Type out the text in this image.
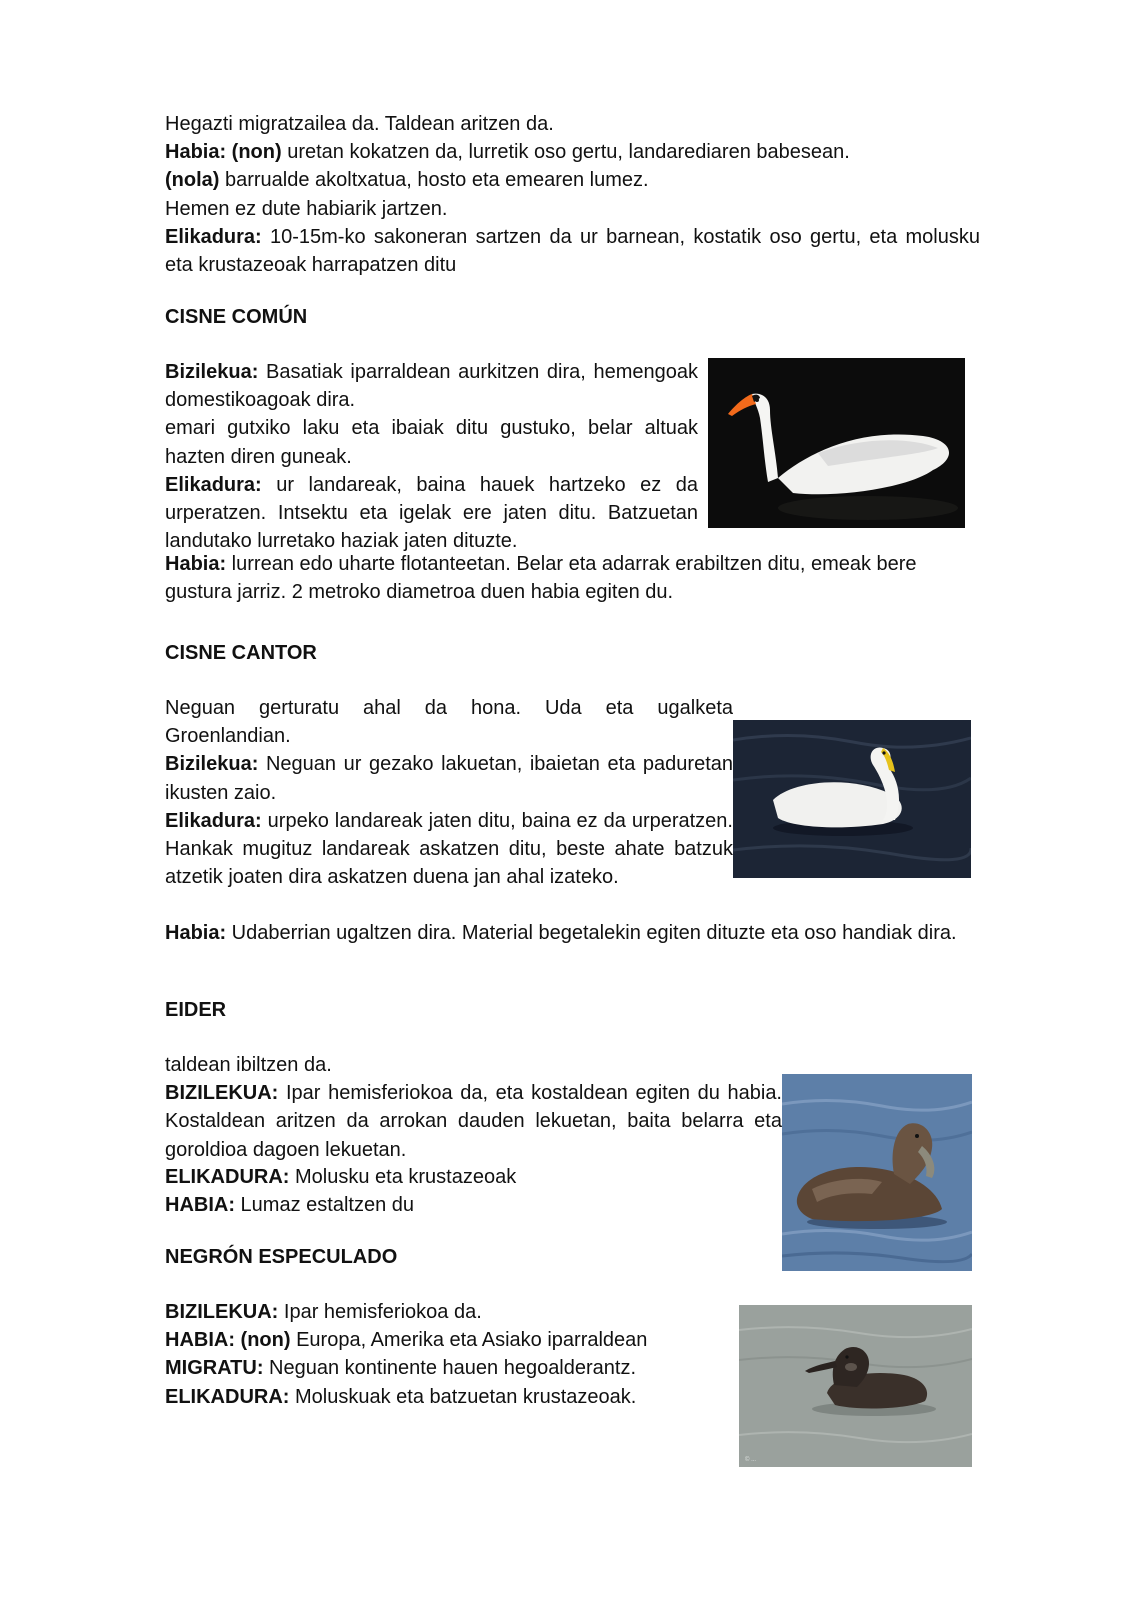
Hegazti migratzailea da. Taldean aritzen da.
Habia: (non) uretan kokatzen da, lurretik oso gertu, landarediaren babesean.
(nola) barrualde akoltxatua, hosto eta emearen lumez.
Hemen ez dute habiarik jartzen.
Elikadura: 10-15m-ko sakoneran sartzen da ur barnean, kostatik oso gertu, eta molusku eta krustazeoak harrapatzen ditu

CISNE COMÚN

Bizilekua: Basatiak iparraldean aurkitzen dira, hemengoak domestikoagoak dira.
emari gutxiko laku eta ibaiak ditu gustuko, belar altuak hazten diren guneak.
Elikadura: ur landareak, baina hauek hartzeko ez da urperatzen. Intsektu eta igelak ere jaten ditu. Batzuetan landutako lurretako haziak jaten dituzte.

Habia: lurrean edo uharte flotanteetan. Belar eta adarrak erabiltzen ditu, emeak bere gustura jarriz. 2 metroko diametroa duen habia egiten du.

CISNE CANTOR

Neguan gerturatu ahal da hona. Uda eta ugalketa Groenlandian.
Bizilekua: Neguan ur gezako lakuetan, ibaietan eta paduretan ikusten zaio.
Elikadura: urpeko landareak jaten ditu, baina ez da urperatzen. Hankak mugituz landareak askatzen ditu, beste ahate batzuk atzetik joaten dira askatzen duena jan ahal izateko.

Habia: Udaberrian ugaltzen dira. Material begetalekin egiten dituzte eta oso handiak dira.

EIDER

taldean ibiltzen da.
BIZILEKUA: Ipar hemisferiokoa da, eta kostaldean egiten du habia. Kostaldean aritzen da arrokan dauden lekuetan, baita belarra eta goroldioa dagoen lekuetan.

ELIKADURA: Molusku eta krustazeoak
HABIA: Lumaz estaltzen du

NEGRÓN ESPECULADO

BIZILEKUA: Ipar hemisferiokoa da.
HABIA: (non) Europa, Amerika eta Asiako iparraldean
MIGRATU: Neguan kontinente hauen hegoalderantz.
ELIKADURA: Moluskuak eta batzuetan krustazeoak.

© ...
